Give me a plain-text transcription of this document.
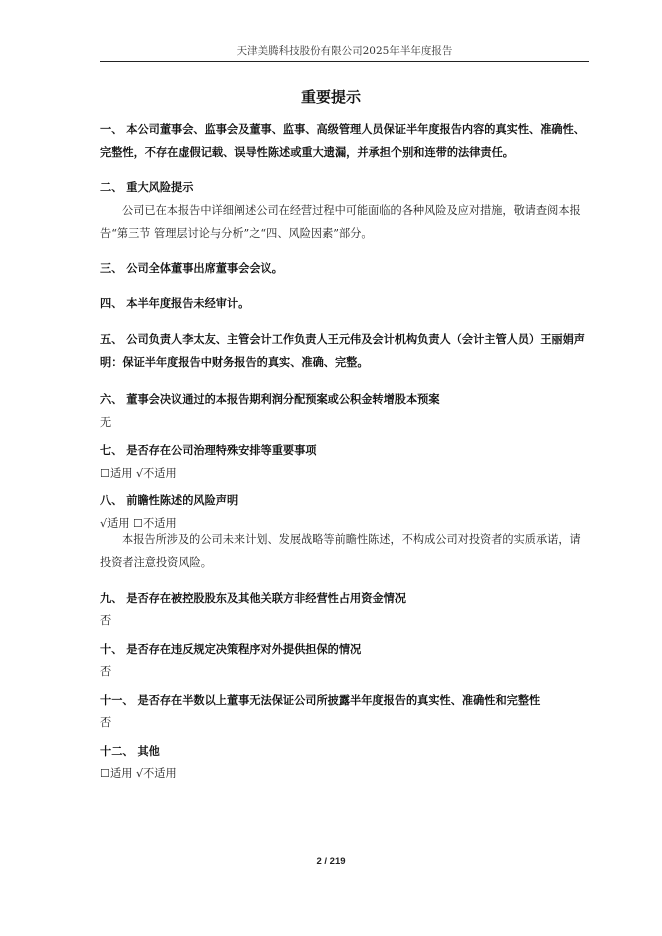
天津美腾科技股份有限公司2025年半年度报告
重要提示
一、 本公司董事会、监事会及董事、监事、高级管理人员保证半年度报告内容的真实性、准确性、完整性，不存在虚假记载、误导性陈述或重大遗漏，并承担个别和连带的法律责任。
二、 重大风险提示
公司已在本报告中详细阐述公司在经营过程中可能面临的各种风险及应对措施，敬请查阅本报告“第三节 管理层讨论与分析”之“四、风险因素”部分。
三、 公司全体董事出席董事会会议。
四、 本半年度报告未经审计。
五、 公司负责人李太友、主管会计工作负责人王元伟及会计机构负责人（会计主管人员）王丽娟声明：保证半年度报告中财务报告的真实、准确、完整。
六、 董事会决议通过的本报告期利润分配预案或公积金转增股本预案
无
七、 是否存在公司治理特殊安排等重要事项
☐适用 √不适用
八、 前瞻性陈述的风险声明
√适用 ☐不适用
本报告所涉及的公司未来计划、发展战略等前瞻性陈述，不构成公司对投资者的实质承诺，请投资者注意投资风险。
九、 是否存在被控股股东及其他关联方非经营性占用资金情况
否
十、 是否存在违反规定决策程序对外提供担保的情况
否
十一、 是否存在半数以上董事无法保证公司所披露半年度报告的真实性、准确性和完整性
否
十二、 其他
☐适用 √不适用
2 / 219
